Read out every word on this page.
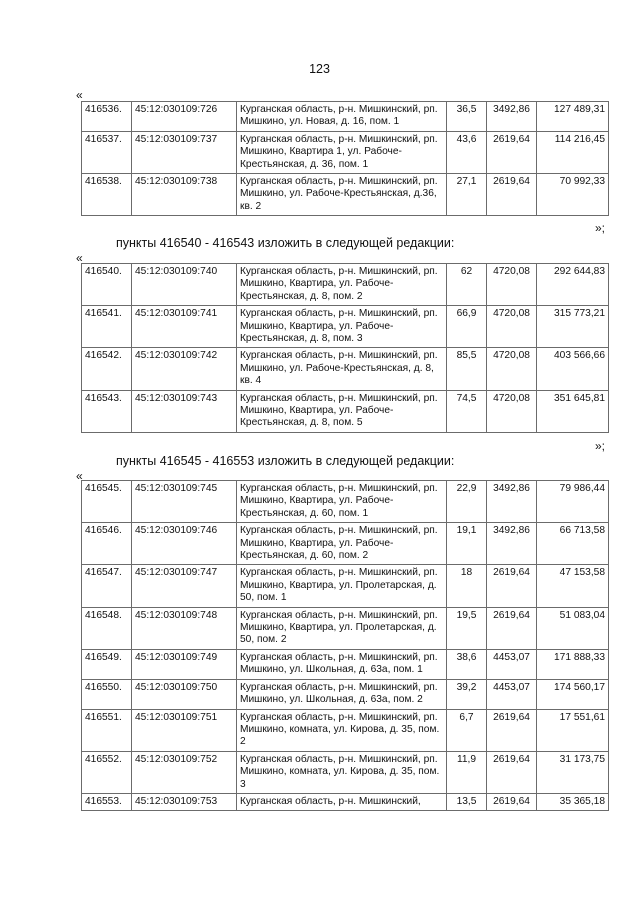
123
«
416536.	45:12:030109:726	Курганская область, р-н. Мишкинский, рп. Мишкино, ул. Новая, д. 16, пом. 1	36,5	3492,86	127 489,31
416537.	45:12:030109:737	Курганская область, р-н. Мишкинский, рп. Мишкино, Квартира 1, ул. Рабоче-Крестьянская, д. 36, пом. 1	43,6	2619,64	114 216,45
416538.	45:12:030109:738	Курганская область, р-н. Мишкинский, рп. Мишкино, ул. Рабоче-Крестьянская, д.36, кв. 2	27,1	2619,64	70 992,33
»;
пункты 416540 - 416543 изложить в следующей редакции:
«
416540.	45:12:030109:740	Курганская область, р-н. Мишкинский, рп. Мишкино, Квартира, ул. Рабоче-Крестьянская, д. 8, пом. 2	62	4720,08	292 644,83
416541.	45:12:030109:741	Курганская область, р-н. Мишкинский, рп. Мишкино, Квартира, ул. Рабоче-Крестьянская, д. 8, пом. 3	66,9	4720,08	315 773,21
416542.	45:12:030109:742	Курганская область, р-н. Мишкинский, рп. Мишкино, ул. Рабоче-Крестьянская, д. 8, кв. 4	85,5	4720,08	403 566,66
416543.	45:12:030109:743	Курганская область, р-н. Мишкинский, рп. Мишкино, Квартира, ул. Рабоче-Крестьянская, д. 8, пом. 5	74,5	4720,08	351 645,81
»;
пункты 416545 - 416553 изложить в следующей редакции:
«
416545.	45:12:030109:745	Курганская область, р-н. Мишкинский, рп. Мишкино, Квартира, ул. Рабоче-Крестьянская, д. 60, пом. 1	22,9	3492,86	79 986,44
416546.	45:12:030109:746	Курганская область, р-н. Мишкинский, рп. Мишкино, Квартира, ул. Рабоче-Крестьянская, д. 60, пом. 2	19,1	3492,86	66 713,58
416547.	45:12:030109:747	Курганская область, р-н. Мишкинский, рп. Мишкино, Квартира, ул. Пролетарская, д. 50, пом. 1	18	2619,64	47 153,58
416548.	45:12:030109:748	Курганская область, р-н. Мишкинский, рп. Мишкино, Квартира, ул. Пролетарская, д. 50, пом. 2	19,5	2619,64	51 083,04
416549.	45:12:030109:749	Курганская область, р-н. Мишкинский, рп. Мишкино, ул. Школьная, д. 63а, пом. 1	38,6	4453,07	171 888,33
416550.	45:12:030109:750	Курганская область, р-н. Мишкинский, рп. Мишкино, ул. Школьная, д. 63а, пом. 2	39,2	4453,07	174 560,17
416551.	45:12:030109:751	Курганская область, р-н. Мишкинский, рп. Мишкино, комната, ул. Кирова, д. 35, пом. 2	6,7	2619,64	17 551,61
416552.	45:12:030109:752	Курганская область, р-н. Мишкинский, рп. Мишкино, комната, ул. Кирова, д. 35, пом. 3	11,9	2619,64	31 173,75
416553.	45:12:030109:753	Курганская область, р-н. Мишкинский,	13,5	2619,64	35 365,18
